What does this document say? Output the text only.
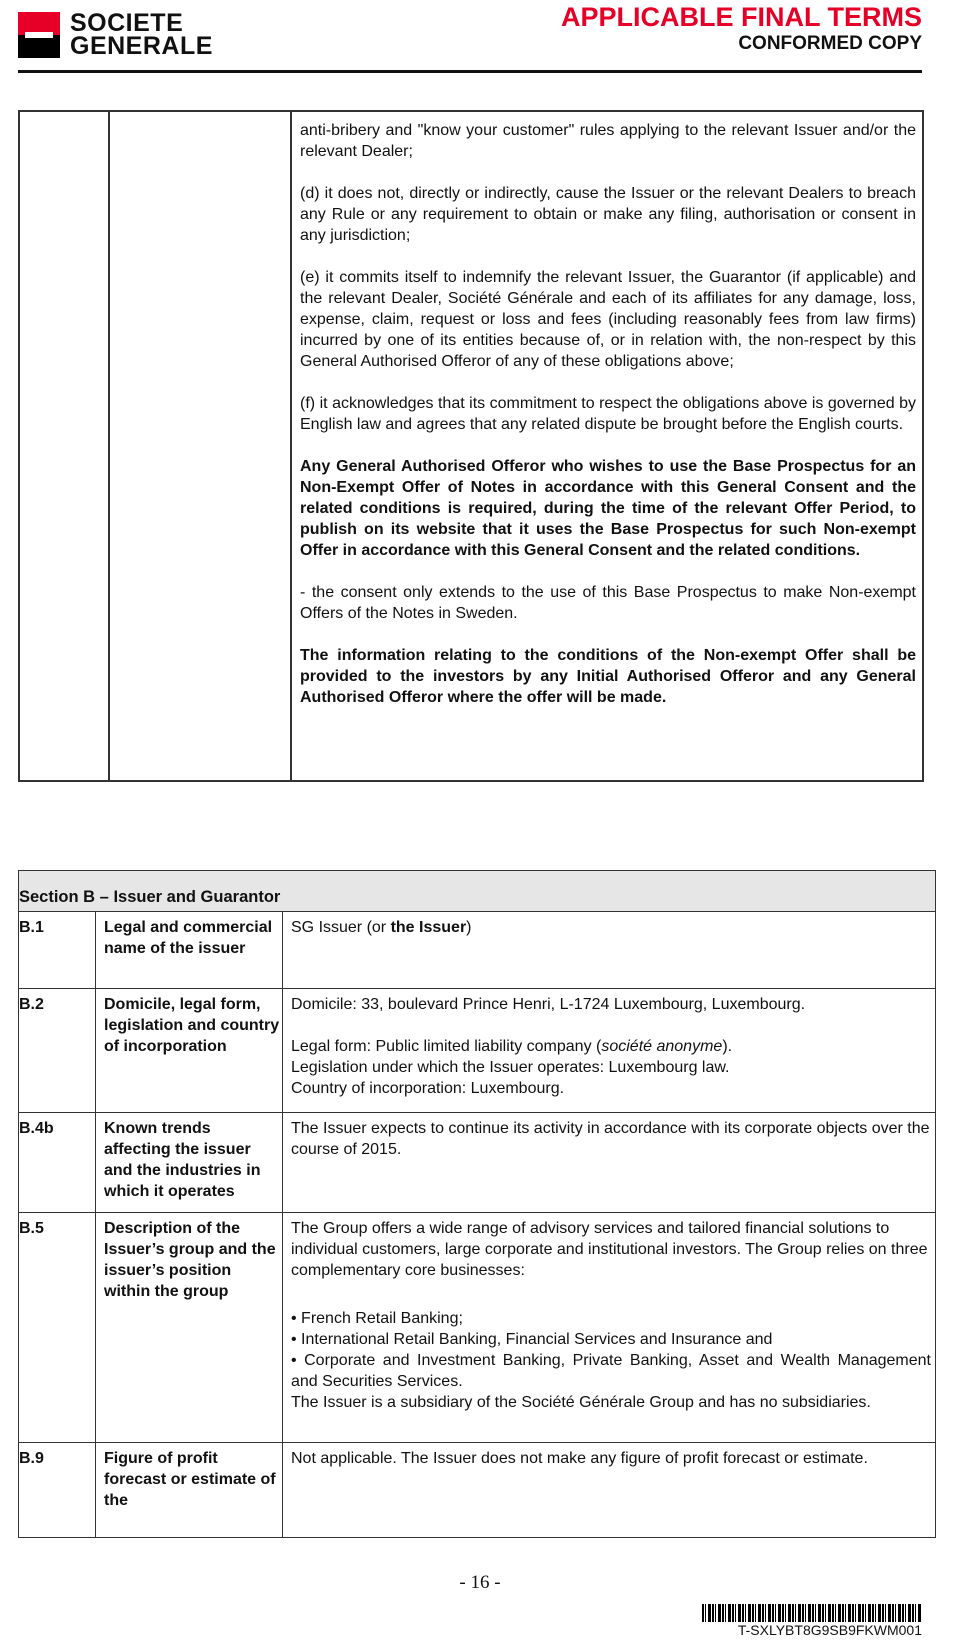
SOCIETE
GENERALE
APPLICABLE FINAL TERMS
CONFORMED COPY

anti-bribery and "know your customer" rules applying to the relevant Issuer and/or the relevant Dealer;

(d) it does not, directly or indirectly, cause the Issuer or the relevant Dealers to breach any Rule or any requirement to obtain or make any filing, authorisation or consent in any jurisdiction;

(e) it commits itself to indemnify the relevant Issuer, the Guarantor (if applicable) and the relevant Dealer, Société Générale and each of its affiliates for any damage, loss, expense, claim, request or loss and fees (including reasonably fees from law firms) incurred by one of its entities because of, or in relation with, the non-respect by this General Authorised Offeror of any of these obligations above;

(f) it acknowledges that its commitment to respect the obligations above is governed by English law and agrees that any related dispute be brought before the English courts.

Any General Authorised Offeror who wishes to use the Base Prospectus for an Non-Exempt Offer of Notes in accordance with this General Consent and the related conditions is required, during the time of the relevant Offer Period, to publish on its website that it uses the Base Prospectus for such Non-exempt Offer in accordance with this General Consent and the related conditions.

- the consent only extends to the use of this Base Prospectus to make Non-exempt Offers of the Notes in Sweden.

The information relating to the conditions of the Non-exempt Offer shall be provided to the investors by any Initial Authorised Offeror and any General Authorised Offeror where the offer will be made.

Section B – Issuer and Guarantor
B.1	Legal and commercial name of the issuer
SG Issuer (or the Issuer)
B.2	Domicile, legal form, legislation and country of incorporation
Domicile: 33, boulevard Prince Henri, L-1724 Luxembourg, Luxembourg.
Legal form: Public limited liability company (société anonyme).
Legislation under which the Issuer operates: Luxembourg law.
Country of incorporation: Luxembourg.
B.4b	Known trends affecting the issuer and the industries in which it operates
The Issuer expects to continue its activity in accordance with its corporate objects over the course of 2015.
B.5	Description of the Issuer’s group and the issuer’s position within the group
The Group offers a wide range of advisory services and tailored financial solutions to individual customers, large corporate and institutional investors. The Group relies on three complementary core businesses:
• French Retail Banking;
• International Retail Banking, Financial Services and Insurance and
• Corporate and Investment Banking, Private Banking, Asset and Wealth Management and Securities Services.
The Issuer is a subsidiary of the Société Générale Group and has no subsidiaries.
B.9	Figure of profit forecast or estimate of the
Not applicable. The Issuer does not make any figure of profit forecast or estimate.
- 16 -
T-SXLYBT8G9SB9FKWM001
